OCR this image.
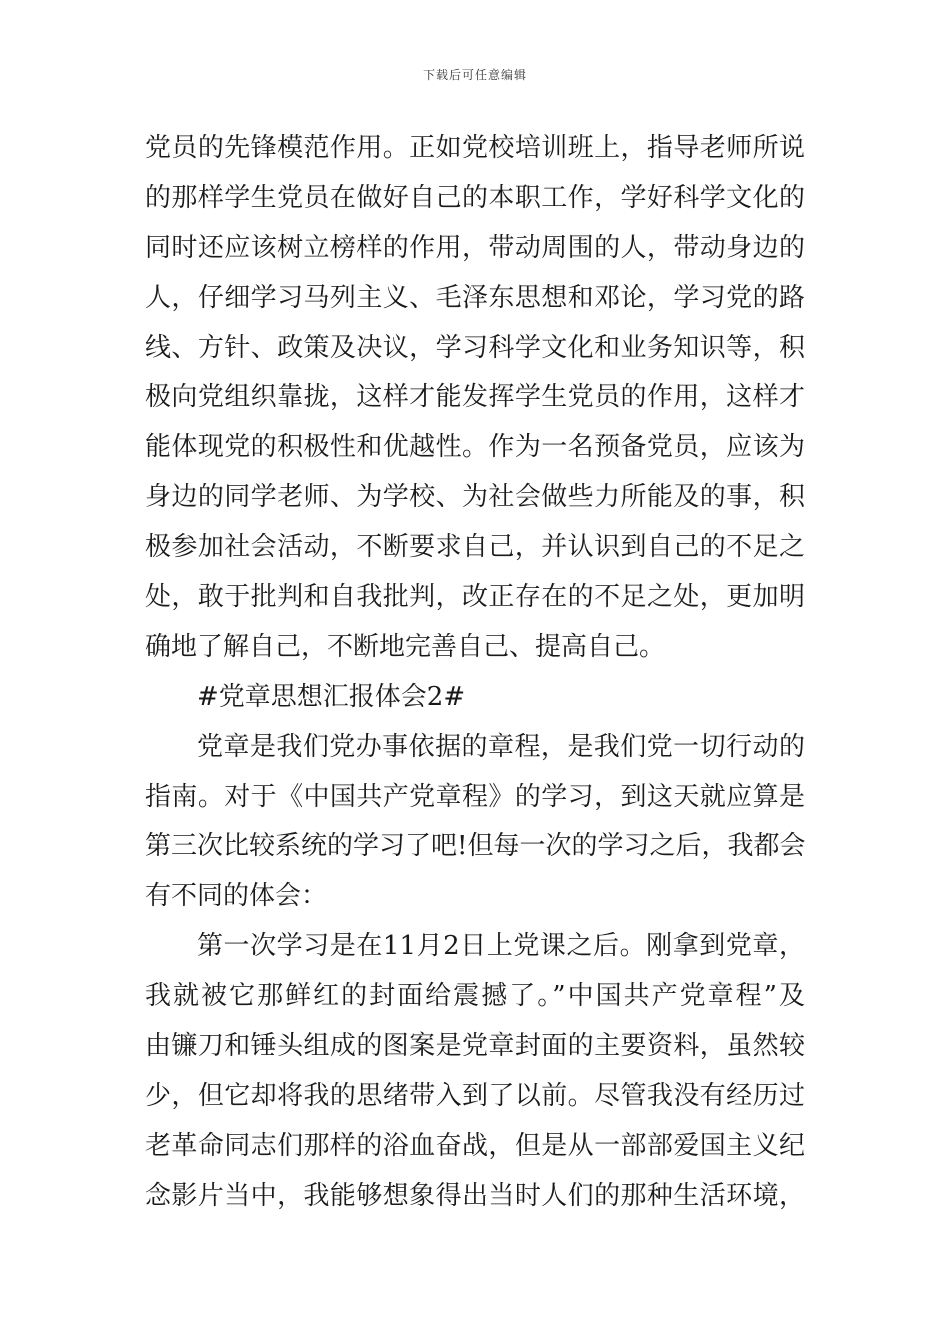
下载后可任意编辑
党员的先锋模范作用。正如党校培训班上，指导老师所说
的那样学生党员在做好自己的本职工作，学好科学文化的
同时还应该树立榜样的作用，带动周围的人，带动身边的
人，仔细学习马列主义、毛泽东思想和邓论，学习党的路
线、方针、政策及决议，学习科学文化和业务知识等，积
极向党组织靠拢，这样才能发挥学生党员的作用，这样才
能体现党的积极性和优越性。作为一名预备党员，应该为
身边的同学老师、为学校、为社会做些力所能及的事，积
极参加社会活动，不断要求自己，并认识到自己的不足之
处，敢于批判和自我批判，改正存在的不足之处，更加明
确地了解自己，不断地完善自己、提高自己。
#党章思想汇报体会2#
党章是我们党办事依据的章程，是我们党一切行动的
指南。对于《中国共产党章程》的学习，到这天就应算是
第三次比较系统的学习了吧!但每一次的学习之后，我都会
有不同的体会：
第一次学习是在11月2日上党课之后。刚拿到党章，
我就被它那鲜红的封面给震撼了。”中国共产党章程”及
由镰刀和锤头组成的图案是党章封面的主要资料，虽然较
少，但它却将我的思绪带入到了以前。尽管我没有经历过
老革命同志们那样的浴血奋战，但是从一部部爱国主义纪
念影片当中，我能够想象得出当时人们的那种生活环境，
